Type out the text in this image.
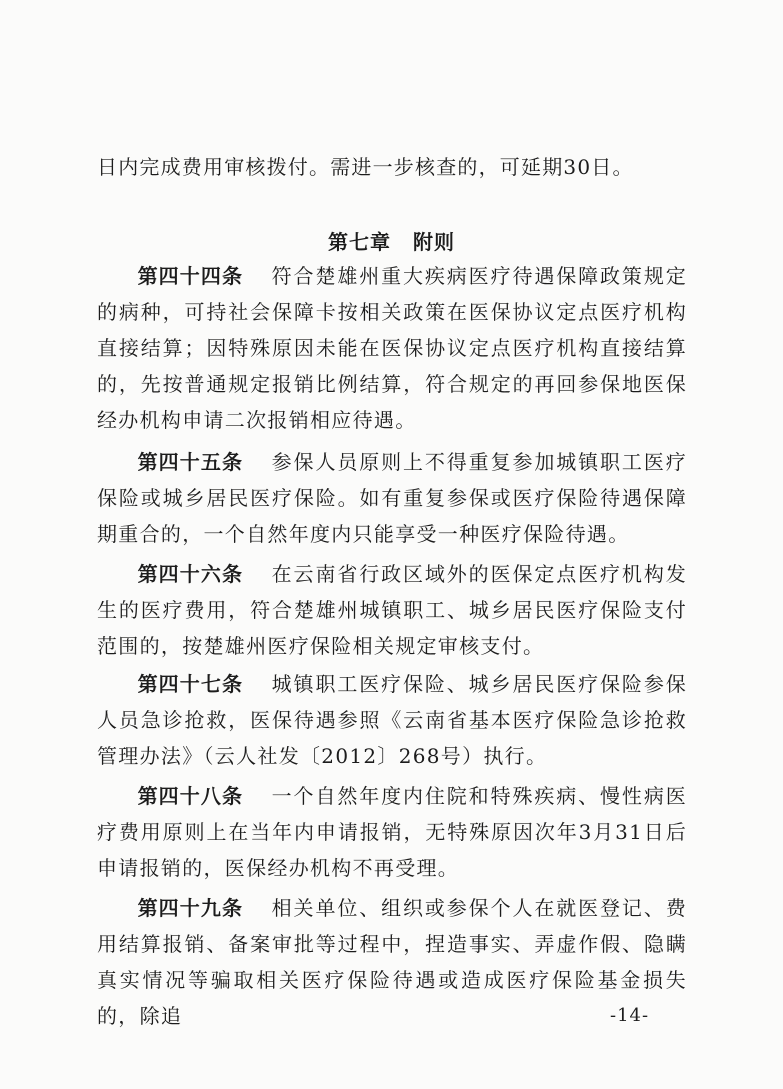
日内完成费用审核拨付。需进一步核查的，可延期30日。
第七章 附则
第四十四条 符合楚雄州重大疾病医疗待遇保障政策规定的病种，可持社会保障卡按相关政策在医保协议定点医疗机构直接结算；因特殊原因未能在医保协议定点医疗机构直接结算的，先按普通规定报销比例结算，符合规定的再回参保地医保经办机构申请二次报销相应待遇。
第四十五条 参保人员原则上不得重复参加城镇职工医疗保险或城乡居民医疗保险。如有重复参保或医疗保险待遇保障期重合的，一个自然年度内只能享受一种医疗保险待遇。
第四十六条 在云南省行政区域外的医保定点医疗机构发生的医疗费用，符合楚雄州城镇职工、城乡居民医疗保险支付范围的，按楚雄州医疗保险相关规定审核支付。
第四十七条 城镇职工医疗保险、城乡居民医疗保险参保人员急诊抢救，医保待遇参照《云南省基本医疗保险急诊抢救管理办法》（云人社发〔2012〕268号）执行。
第四十八条 一个自然年度内住院和特殊疾病、慢性病医疗费用原则上在当年内申请报销，无特殊原因次年3月31日后申请报销的，医保经办机构不再受理。
第四十九条 相关单位、组织或参保个人在就医登记、费用结算报销、备案审批等过程中，捏造事实、弄虚作假、隐瞒真实情况等骗取相关医疗保险待遇或造成医疗保险基金损失的，除追	-14-
